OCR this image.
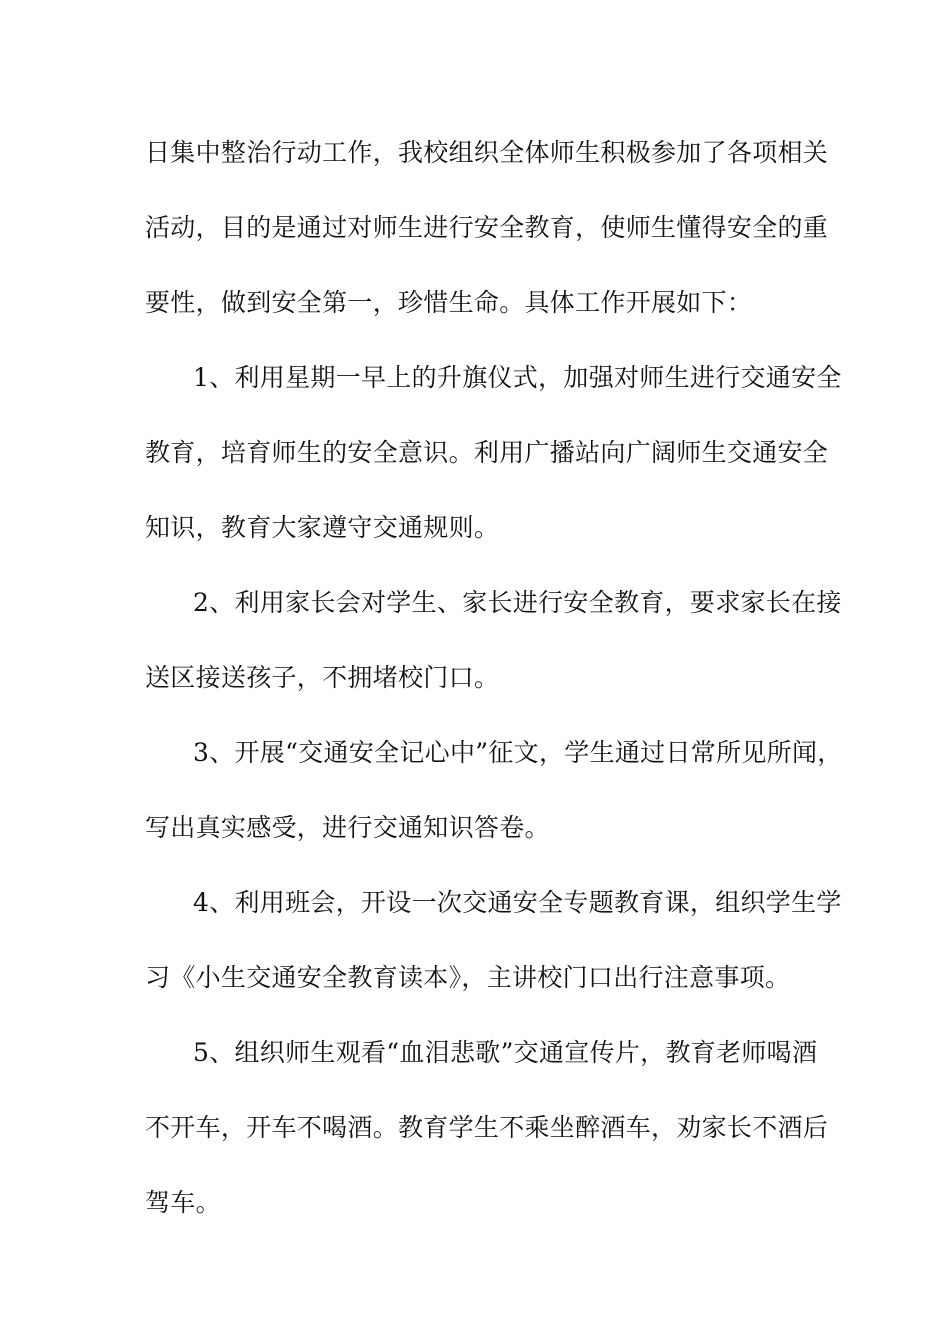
日集中整治行动工作，我校组织全体师生积极参加了各项相关
活动，目的是通过对师生进行安全教育，使师生懂得安全的重
要性，做到安全第一，珍惜生命。具体工作开展如下：
1、利用星期一早上的升旗仪式，加强对师生进行交通安全
教育，培育师生的安全意识。利用广播站向广阔师生交通安全
知识，教育大家遵守交通规则。
2、利用家长会对学生、家长进行安全教育，要求家长在接
送区接送孩子，不拥堵校门口。
3、开展“交通安全记心中”征文，学生通过日常所见所闻，
写出真实感受，进行交通知识答卷。
4、利用班会，开设一次交通安全专题教育课，组织学生学
习《小生交通安全教育读本》，主讲校门口出行注意事项。
5、组织师生观看“血泪悲歌”交通宣传片，教育老师喝酒
不开车，开车不喝酒。教育学生不乘坐醉酒车，劝家长不酒后
驾车。
